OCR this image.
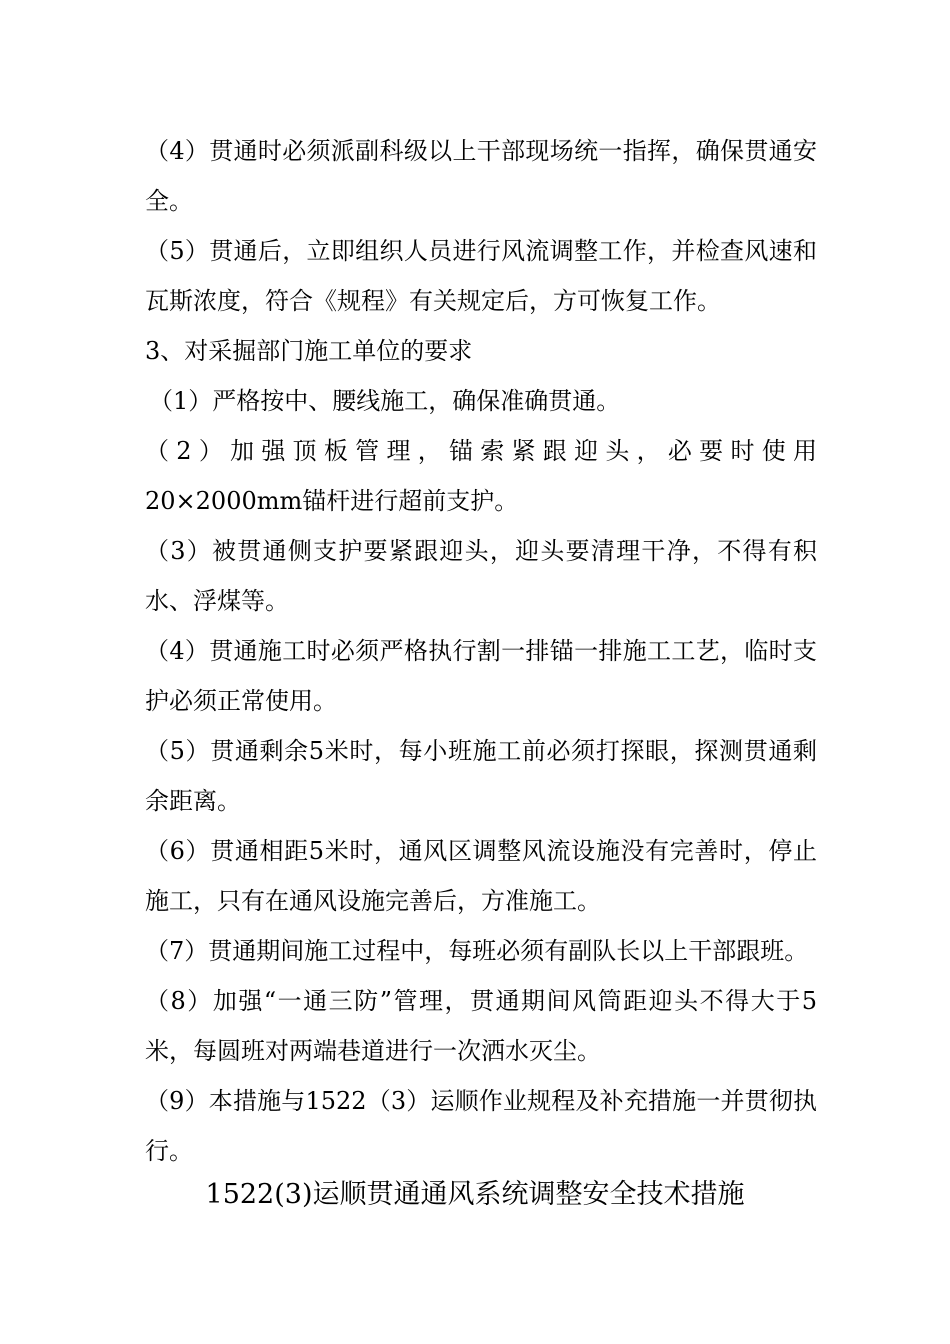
（4）贯通时必须派副科级以上干部现场统一指挥，确保贯通安全。

（5）贯通后，立即组织人员进行风流调整工作，并检查风速和瓦斯浓度，符合《规程》有关规定后，方可恢复工作。

3、对采掘部门施工单位的要求

（1）严格按中、腰线施工，确保准确贯通。

（2）加强顶板管理，锚索紧跟迎头，必要时使用20×2000mm锚杆进行超前支护。

（3）被贯通侧支护要紧跟迎头，迎头要清理干净，不得有积水、浮煤等。

（4）贯通施工时必须严格执行割一排锚一排施工工艺，临时支护必须正常使用。

（5）贯通剩余5米时，每小班施工前必须打探眼，探测贯通剩余距离。

（6）贯通相距5米时，通风区调整风流设施没有完善时，停止施工，只有在通风设施完善后，方准施工。

（7）贯通期间施工过程中，每班必须有副队长以上干部跟班。

（8）加强“一通三防”管理，贯通期间风筒距迎头不得大于5米，每圆班对两端巷道进行一次洒水灭尘。

（9）本措施与1522（3）运顺作业规程及补充措施一并贯彻执行。

1522(3)运顺贯通通风系统调整安全技术措施
